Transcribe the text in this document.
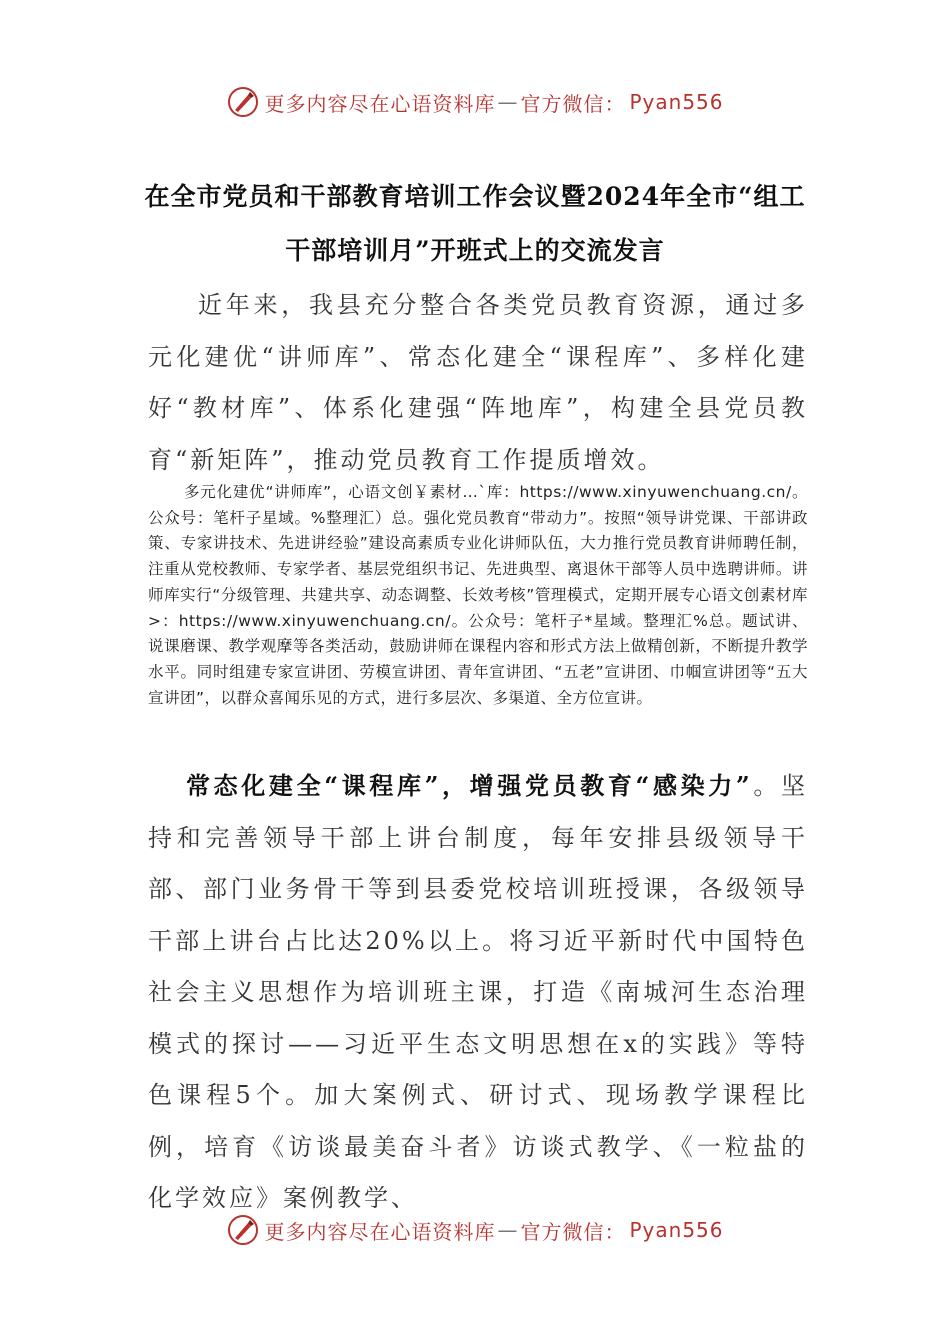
更多内容尽在心语资料库 — 官方微信： Pyan556
在全市党员和干部教育培训工作会议暨2024年全市“组工干部培训月”开班式上的交流发言

近年来，我县充分整合各类党员教育资源，通过多元化建优“讲师库”、常态化建全“课程库”、多样化建好“教材库”、体系化建强“阵地库”，构建全县党员教育“新矩阵”，推动党员教育工作提质增效。

多元化建优“讲师库”，心语文创￥素材…`库：https://www.xinyuwenchuang.cn/。公众号：笔杆子星域。%整理汇）总。强化党员教育“带动力”。按照“领导讲党课、干部讲政策、专家讲技术、先进讲经验”建设高素质专业化讲师队伍，大力推行党员教育讲师聘任制，注重从党校教师、专家学者、基层党组织书记、先进典型、离退休干部等人员中选聘讲师。讲师库实行“分级管理、共建共享、动态调整、长效考核”管理模式，定期开展专心语文创素材库>：https://www.xinyuwenchuang.cn/。公众号：笔杆子*星域。整理汇%总。题试讲、说课磨课、教学观摩等各类活动，鼓励讲师在课程内容和形式方法上做精创新，不断提升教学水平。同时组建专家宣讲团、劳模宣讲团、青年宣讲团、“五老”宣讲团、巾帼宣讲团等“五大宣讲团”，以群众喜闻乐见的方式，进行多层次、多渠道、全方位宣讲。

常态化建全“课程库”，增强党员教育“感染力”。坚持和完善领导干部上讲台制度，每年安排县级领导干部、部门业务骨干等到县委党校培训班授课，各级领导干部上讲台占比达20%以上。将习近平新时代中国特色社会主义思想作为培训班主课，打造《南城河生态治理模式的探讨——习近平生态文明思想在x的实践》等特色课程5个。加大案例式、研讨式、现场教学课程比例，培育《访谈最美奋斗者》访谈式教学、《一粒盐的化学效应》案例教学、

更多内容尽在心语资料库 — 官方微信： Pyan556
